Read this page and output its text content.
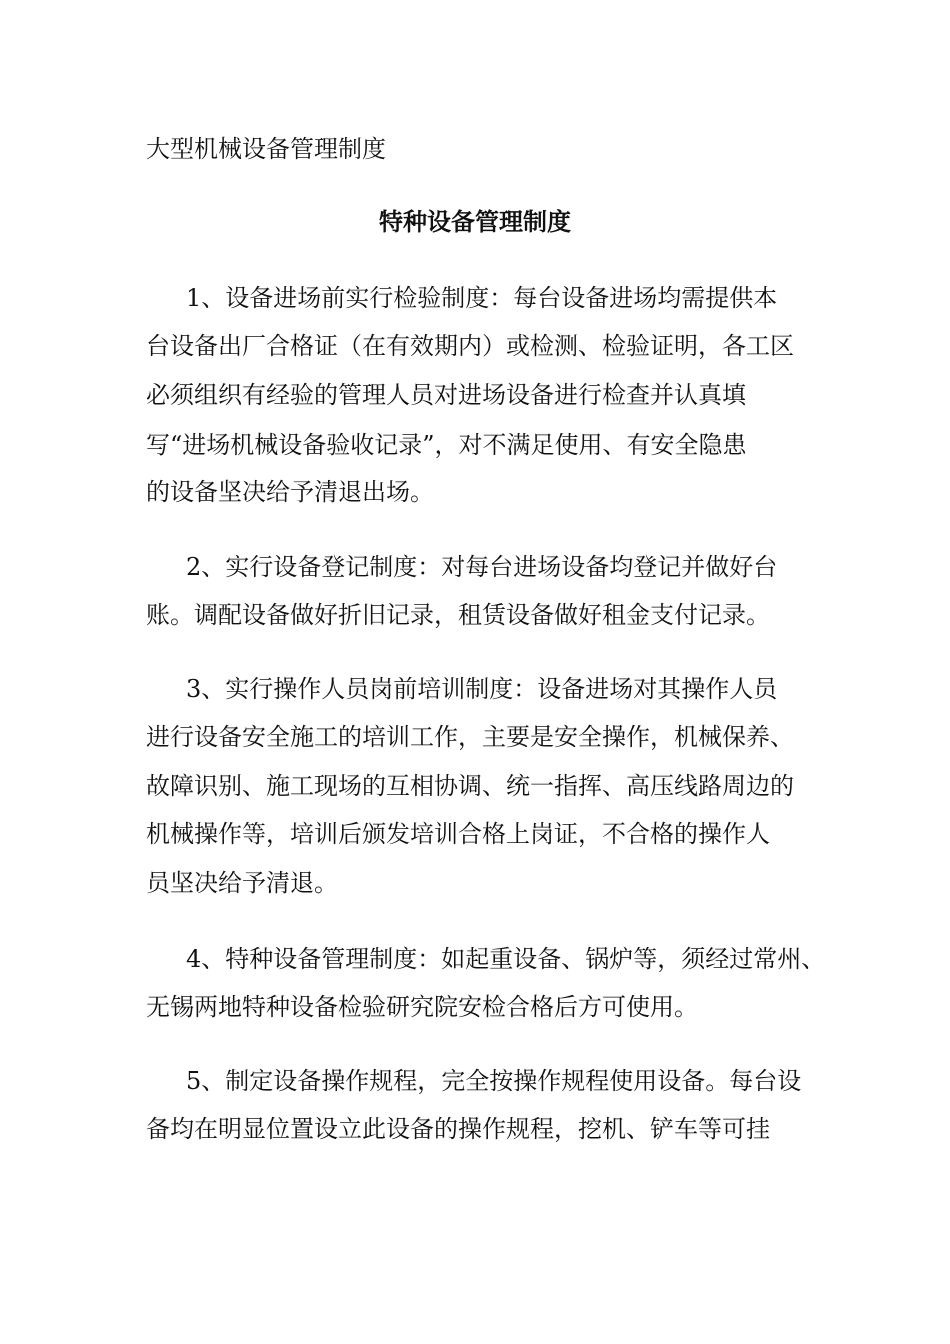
大型机械设备管理制度
特种设备管理制度
1、设备进场前实行检验制度：每台设备进场均需提供本
台设备出厂合格证（在有效期内）或检测、检验证明，各工区
必须组织有经验的管理人员对进场设备进行检查并认真填
写“进场机械设备验收记录”，对不满足使用、有安全隐患
的设备坚决给予清退出场。
2、实行设备登记制度：对每台进场设备均登记并做好台
账。调配设备做好折旧记录，租赁设备做好租金支付记录。
3、实行操作人员岗前培训制度：设备进场对其操作人员
进行设备安全施工的培训工作，主要是安全操作，机械保养、
故障识别、施工现场的互相协调、统一指挥、高压线路周边的
机械操作等，培训后颁发培训合格上岗证，不合格的操作人
员坚决给予清退。
4、特种设备管理制度：如起重设备、锅炉等，须经过常州、
无锡两地特种设备检验研究院安检合格后方可使用。
5、制定设备操作规程，完全按操作规程使用设备。每台设
备均在明显位置设立此设备的操作规程，挖机、铲车等可挂
